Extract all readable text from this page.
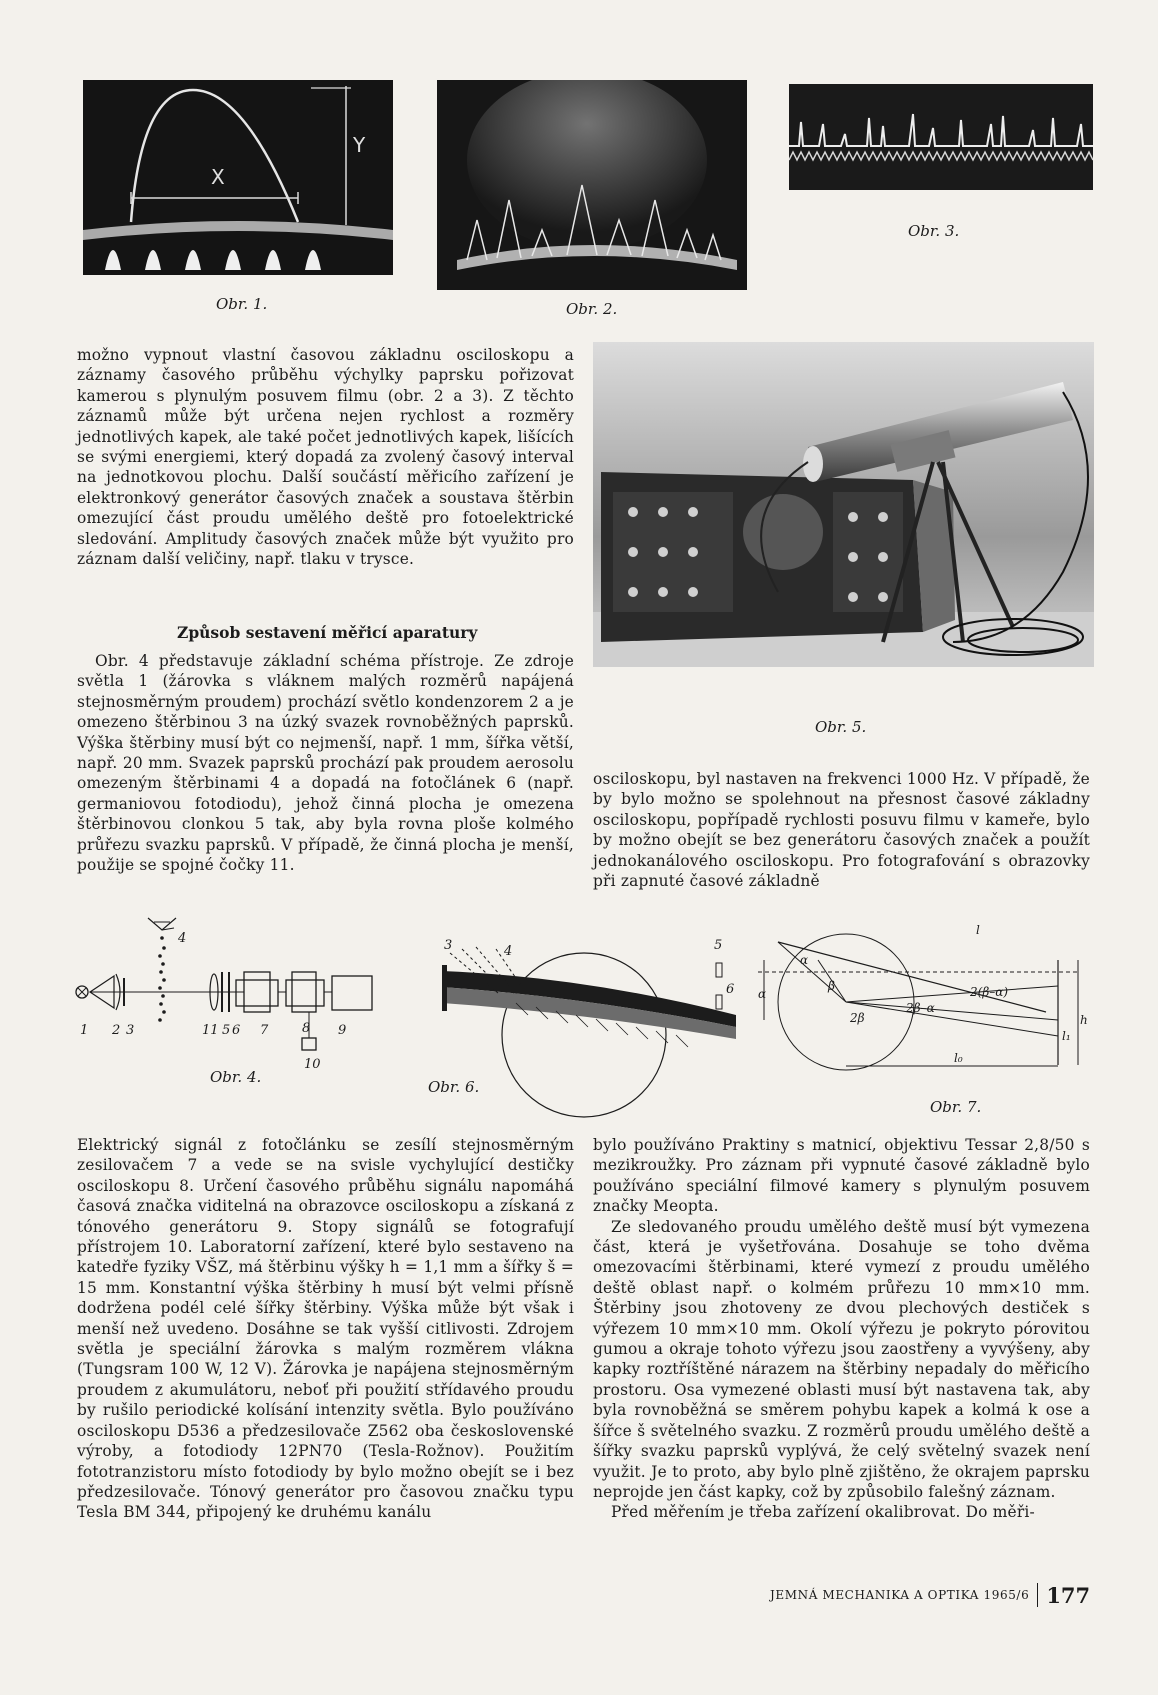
X
Y
Obr. 1.	Obr. 2.
Obr. 3.

možno vypnout vlastní časovou základnu osciloskopu a záznamy časového průběhu výchylky paprsku pořizovat kamerou s plynulým posuvem filmu (obr. 2 a 3). Z těchto záznamů může být určena nejen rychlost a rozměry jednotlivých kapek, ale také počet jednotlivých kapek, lišících se svými energiemi, který dopadá za zvolený časový interval na jednotkovou plochu. Další součástí měřicího zařízení je elektronkový generátor časových značek a soustava štěrbin omezující část proudu umělého deště pro fotoelektrické sledování. Amplitudy časových značek může být využito pro záznam další veličiny, např. tlaku v trysce.

Způsob sestavení měřicí aparatury

Obr. 4 představuje základní schéma přístroje. Ze zdroje světla 1 (žárovka s vláknem malých rozměrů napájená stejnosměrným proudem) prochází světlo kondenzorem 2 a je omezeno štěrbinou 3 na úzký svazek rovnoběžných paprsků. Výška štěrbiny musí být co nejmenší, např. 1 mm, šířka větší, např. 20 mm. Svazek paprsků prochází pak proudem aerosolu omezeným štěrbinami 4 a dopadá na fotočlánek 6 (např. germaniovou fotodiodu), jehož činná plocha je omezena štěrbinovou clonkou 5 tak, aby byla rovna ploše kolmého průřezu svazku paprsků. V případě, že činná plocha je menší, použije se spojné čočky 11.

Obr. 5.

osciloskopu, byl nastaven na frekvenci 1000 Hz. V případě, že by bylo možno se spolehnout na přesnost časové základny osciloskopu, popřípadě rychlosti posuvu filmu v kameře, bylo by možno obejít se bez generátoru časových značek a použít jednokanálového osciloskopu. Pro fotografování s obrazovky při zapnuté časové základně

1 2 3
4
11 5 6 7	8 9
10
Obr. 4.
3	4	5
6
Obr. 6.
l
α
β	2(β–α)
2β
2β–α
l₀
α
l₁
h
Obr. 7.

Elektrický signál z fotočlánku se zesílí stejnosměrným zesilovačem 7 a vede se na svisle vychylující destičky osciloskopu 8. Určení časového průběhu signálu napomáhá časová značka viditelná na obrazovce osciloskopu a získaná z tónového generátoru 9. Stopy signálů se fotografují přístrojem 10. Laboratorní zařízení, které bylo sestaveno na katedře fyziky VŠZ, má štěrbinu výšky h = 1,1 mm a šířky š = 15 mm. Konstantní výška štěrbiny h musí být velmi přísně dodržena podél celé šířky štěrbiny. Výška může být však i menší než uvedeno. Dosáhne se tak vyšší citlivosti. Zdrojem světla je speciální žárovka s malým rozměrem vlákna (Tungsram 100 W, 12 V). Žárovka je napájena stejnosměrným proudem z akumulátoru, neboť při použití střídavého proudu by rušilo periodické kolísání intenzity světla. Bylo používáno osciloskopu D536 a předzesilovače Z562 oba československé výroby, a fotodiody 12PN70 (Tesla-Rožnov). Použitím fototranzistoru místo fotodiody by bylo možno obejít se i bez předzesilovače. Tónový generátor pro časovou značku typu Tesla BM 344, připojený ke druhému kanálu

bylo používáno Praktiny s matnicí, objektivu Tessar 2,8/50 s mezikroužky. Pro záznam při vypnuté časové základně bylo používáno speciální filmové kamery s plynulým posuvem značky Meopta.

Ze sledovaného proudu umělého deště musí být vymezena část, která je vyšetřována. Dosahuje se toho dvěma omezovacími štěrbinami, které vymezí z proudu umělého deště oblast např. o kolmém průřezu 10 mm×10 mm. Štěrbiny jsou zhotoveny ze dvou plechových destiček s výřezem 10 mm×10 mm. Okolí výřezu je pokryto pórovitou gumou a okraje tohoto výřezu jsou zaostřeny a vyvýšeny, aby kapky roztříštěné nárazem na štěrbiny nepadaly do měřicího prostoru. Osa vymezené oblasti musí být nastavena tak, aby byla rovnoběžná se směrem pohybu kapek a kolmá k ose a šířce š světelného svazku. Z rozměrů proudu umělého deště a šířky svazku paprsků vyplývá, že celý světelný svazek není využit. Je to proto, aby bylo plně zjištěno, že okrajem paprsku neprojde jen část kapky, což by způsobilo falešný záznam.

Před měřením je třeba zařízení okalibrovat. Do měři-

JEMNÁ MECHANIKA A OPTIKA 1965/6 177
